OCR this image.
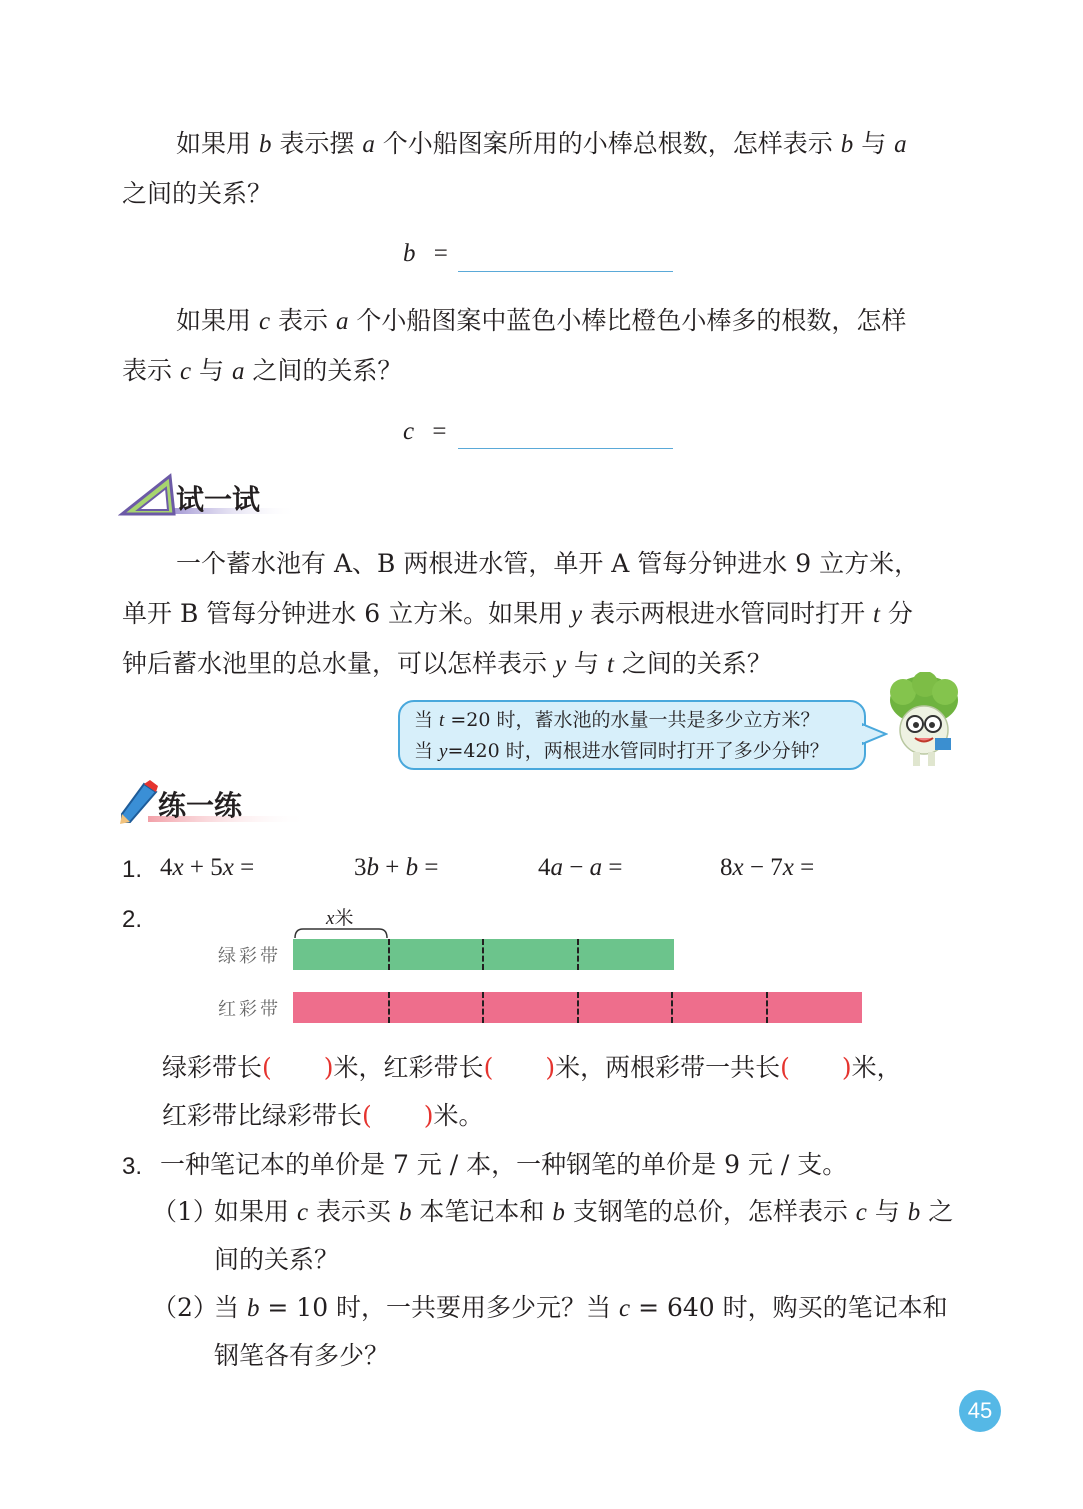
如果用 b 表示摆 a 个小船图案所用的小棒总根数，怎样表示 b 与 a

之间的关系？

b =

如果用 c 表示 a 个小船图案中蓝色小棒比橙色小棒多的根数，怎样

表示 c 与 a 之间的关系？

c =
试一试

一个蓄水池有 A、B 两根进水管，单开 A 管每分钟进水 9 立方米，

单开 B 管每分钟进水 6 立方米。如果用 y 表示两根进水管同时打开 t 分

钟后蓄水池里的总水量，可以怎样表示 y 与 t 之间的关系？

当 t =20 时，蓄水池的水量一共是多少立方米？
当 y=420 时，两根进水管同时打开了多少分钟？
练一练
1. 4x + 5x =	3b + b =	4a − a =	8x − 7x =
2.	x米
绿彩带
红彩带

绿彩带长( )米，红彩带长( )米，两根彩带一共长( )米，

红彩带比绿彩带长( )米。

3. 一种笔记本的单价是 7 元 / 本，一种钢笔的单价是 9 元 / 支。

（1）

如果用 c 表示买 b 本笔记本和 b 支钢笔的总价，怎样表示 c 与 b 之

间的关系？

（2）

当 b = 10 时，一共要用多少元？当 c = 640 时，购买的笔记本和

钢笔各有多少？

45
